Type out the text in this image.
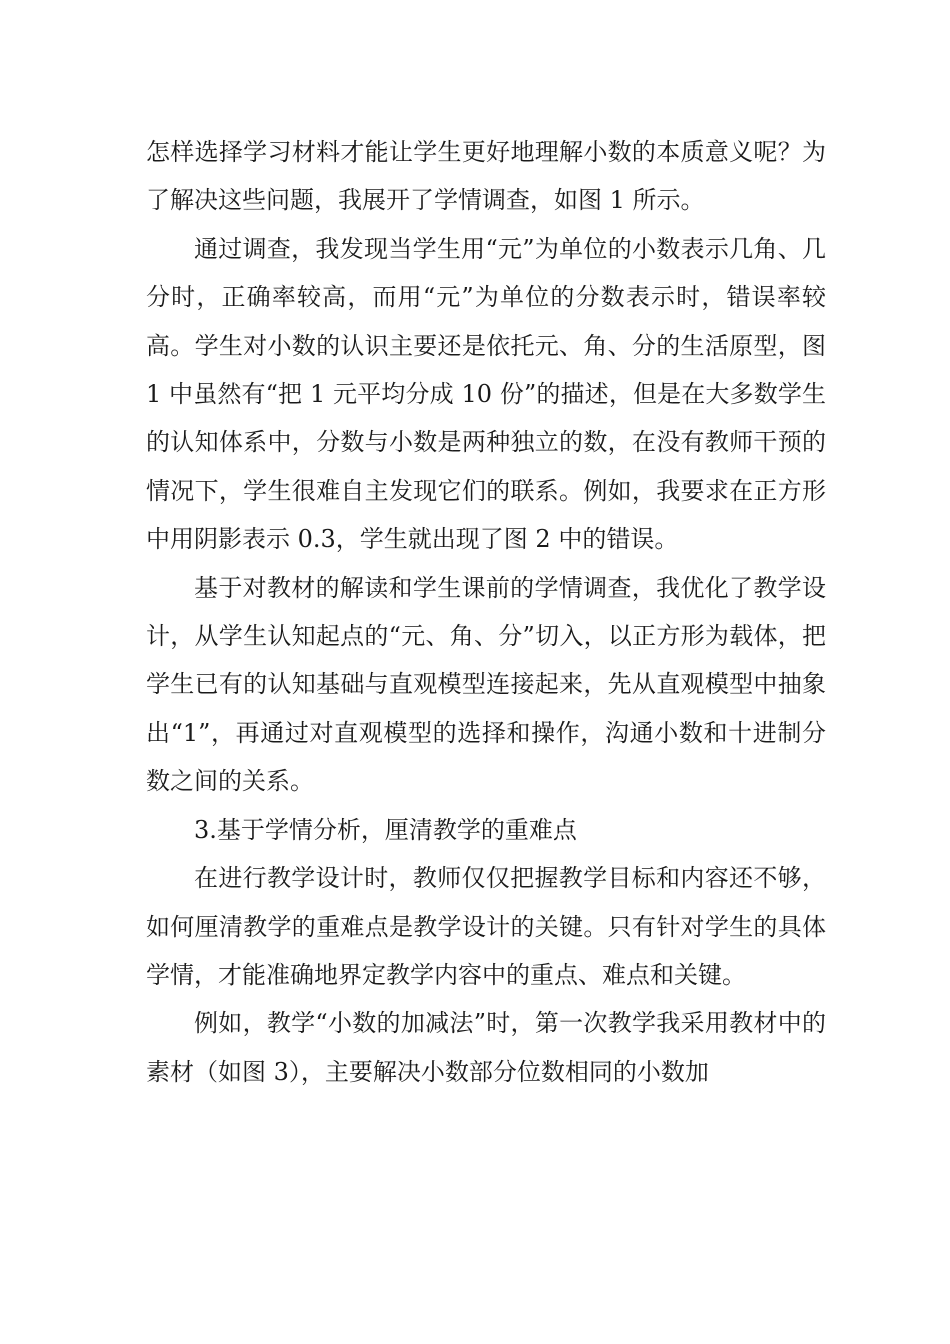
怎样选择学习材料才能让学生更好地理解小数的本质意义呢？为了解决这些问题，我展开了学情调查，如图 1 所示。

通过调查，我发现当学生用“元”为单位的小数表示几角、几分时，正确率较高，而用“元”为单位的分数表示时，错误率较高。学生对小数的认识主要还是依托元、角、分的生活原型，图 1 中虽然有“把 1 元平均分成 10 份”的描述，但是在大多数学生的认知体系中，分数与小数是两种独立的数，在没有教师干预的情况下，学生很难自主发现它们的联系。例如，我要求在正方形中用阴影表示 0.3，学生就出现了图 2 中的错误。

基于对教材的解读和学生课前的学情调查，我优化了教学设计，从学生认知起点的“元、角、分”切入，以正方形为载体，把学生已有的认知基础与直观模型连接起来，先从直观模型中抽象出“1”，再通过对直观模型的选择和操作，沟通小数和十进制分数之间的关系。

3.基于学情分析，厘清教学的重难点

在进行教学设计时，教师仅仅把握教学目标和内容还不够，如何厘清教学的重难点是教学设计的关键。只有针对学生的具体学情，才能准确地界定教学内容中的重点、难点和关键。

例如，教学“小数的加减法”时，第一次教学我采用教材中的素材（如图 3），主要解决小数部分位数相同的小数加
